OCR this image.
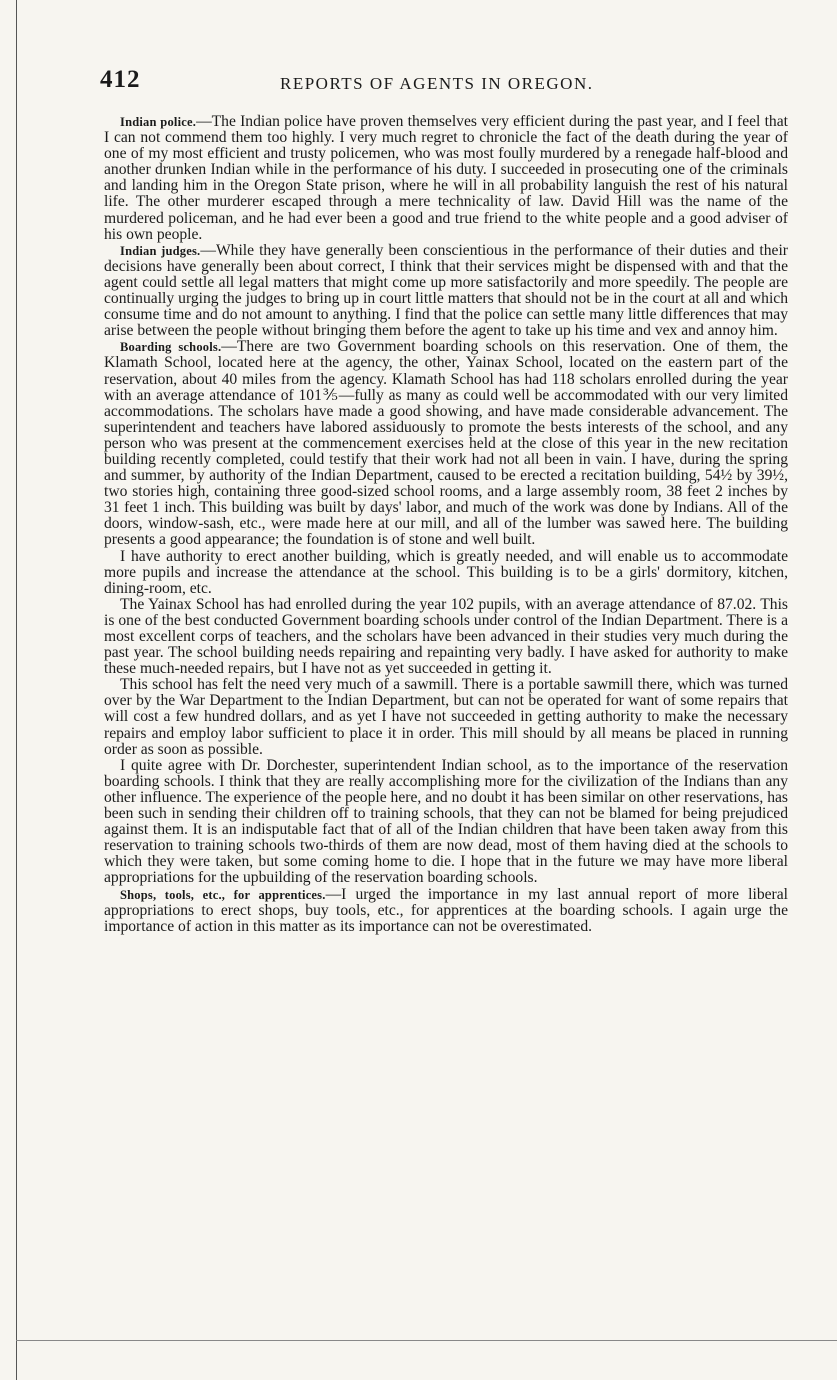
412	REPORTS OF AGENTS IN OREGON.

Indian police.—The Indian police have proven themselves very efficient during the past year, and I feel that I can not commend them too highly. I very much regret to chronicle the fact of the death during the year of one of my most efficient and trusty policemen, who was most foully murdered by a renegade half-blood and another drunken Indian while in the performance of his duty. I succeeded in prosecuting one of the criminals and landing him in the Oregon State prison, where he will in all probability languish the rest of his natural life. The other murderer escaped through a mere technicality of law. David Hill was the name of the murdered policeman, and he had ever been a good and true friend to the white people and a good adviser of his own people.

Indian judges.—While they have generally been conscientious in the performance of their duties and their decisions have generally been about correct, I think that their services might be dispensed with and that the agent could settle all legal matters that might come up more satisfactorily and more speedily. The people are continually urging the judges to bring up in court little matters that should not be in the court at all and which consume time and do not amount to anything. I find that the police can settle many little differences that may arise between the people without bringing them before the agent to take up his time and vex and annoy him.

Boarding schools.—There are two Government boarding schools on this reservation. One of them, the Klamath School, located here at the agency, the other, Yainax School, located on the eastern part of the reservation, about 40 miles from the agency. Klamath School has had 118 scholars enrolled during the year with an average attendance of 101⅗—fully as many as could well be accommodated with our very limited accommodations. The scholars have made a good showing, and have made considerable advancement. The superintendent and teachers have labored assiduously to promote the bests interests of the school, and any person who was present at the commencement exercises held at the close of this year in the new recitation building recently completed, could testify that their work had not all been in vain. I have, during the spring and summer, by authority of the Indian Department, caused to be erected a recitation building, 54½ by 39½, two stories high, containing three good-sized school rooms, and a large assembly room, 38 feet 2 inches by 31 feet 1 inch. This building was built by days' labor, and much of the work was done by Indians. All of the doors, window-sash, etc., were made here at our mill, and all of the lumber was sawed here. The building presents a good appearance; the foundation is of stone and well built.

I have authority to erect another building, which is greatly needed, and will enable us to accommodate more pupils and increase the attendance at the school. This building is to be a girls' dormitory, kitchen, dining-room, etc.

The Yainax School has had enrolled during the year 102 pupils, with an average attendance of 87.02. This is one of the best conducted Government boarding schools under control of the Indian Department. There is a most excellent corps of teachers, and the scholars have been advanced in their studies very much during the past year. The school building needs repairing and repainting very badly. I have asked for authority to make these much-needed repairs, but I have not as yet succeeded in getting it.

This school has felt the need very much of a sawmill. There is a portable sawmill there, which was turned over by the War Department to the Indian Department, but can not be operated for want of some repairs that will cost a few hundred dollars, and as yet I have not succeeded in getting authority to make the necessary repairs and employ labor sufficient to place it in order. This mill should by all means be placed in running order as soon as possible.

I quite agree with Dr. Dorchester, superintendent Indian school, as to the importance of the reservation boarding schools. I think that they are really accomplishing more for the civilization of the Indians than any other influence. The experience of the people here, and no doubt it has been similar on other reservations, has been such in sending their children off to training schools, that they can not be blamed for being prejudiced against them. It is an indisputable fact that of all of the Indian children that have been taken away from this reservation to training schools two-thirds of them are now dead, most of them having died at the schools to which they were taken, but some coming home to die. I hope that in the future we may have more liberal appropriations for the upbuilding of the reservation boarding schools.

Shops, tools, etc., for apprentices.—I urged the importance in my last annual report of more liberal appropriations to erect shops, buy tools, etc., for apprentices at the boarding schools. I again urge the importance of action in this matter as its importance can not be overestimated.
